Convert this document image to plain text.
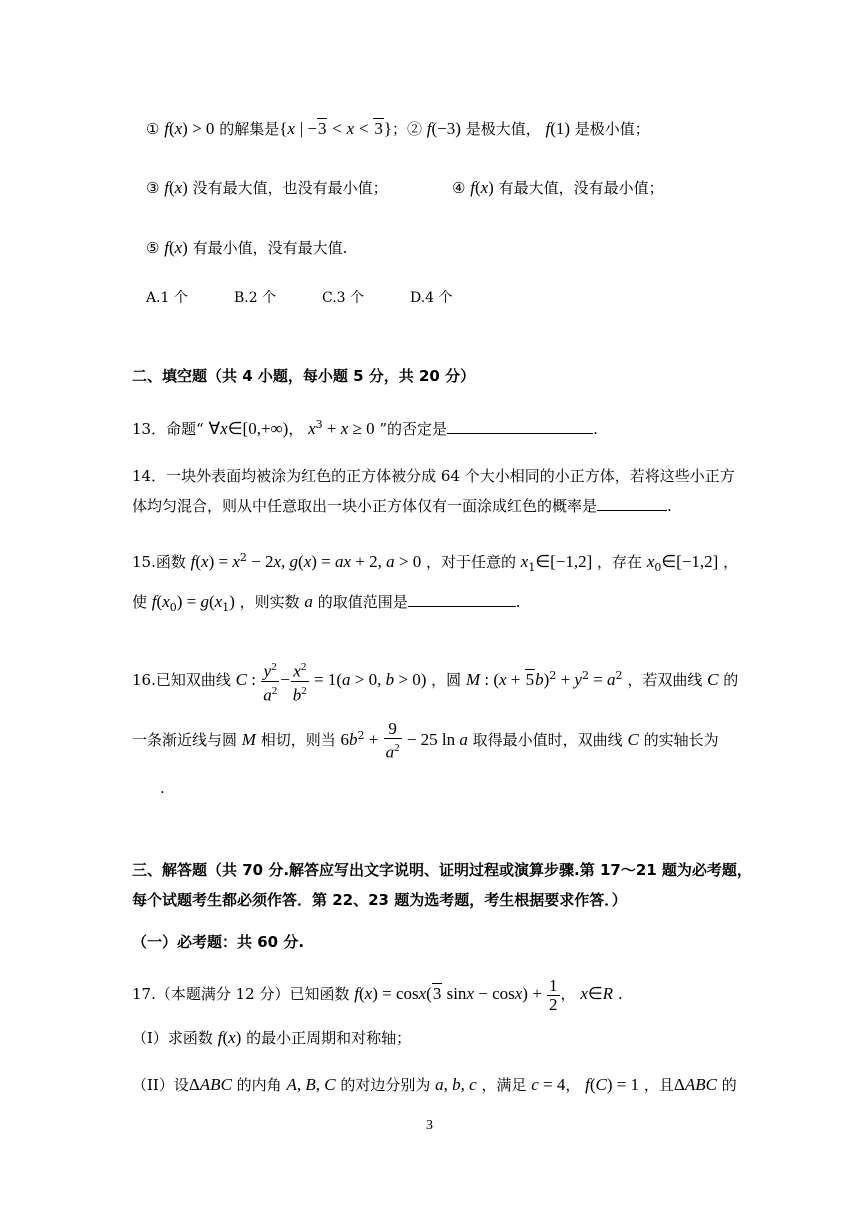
① f(x) > 0 的解集是{x | −3 < x < 3}；② f(−3) 是极大值， f(1) 是极小值；
③ f(x) 没有最大值，也没有最小值；	④ f(x) 有最大值，没有最小值；
⑤ f(x) 有最小值，没有最大值.
A.1 个	B.2 个	C.3 个	D.4 个
二、填空题（共 4 小题，每小题 5 分，共 20 分）
13．命题“ ∀x∈[0,+∞)， $x^3 + x \ge 0$ ”的否定是	.
14．一块外表面均被涂为红色的正方体被分成 64 个大小相同的小正方体，若将这些小正方
体均匀混合，则从中任意取出一块小正方体仅有一面涂成红色的概率是	.
15.函数 $f(x) = x^2 - 2x$, g(x) = ax + 2, a > 0 ，对于任意的 $x_1\in[-1,2]$ ，存在 $x_0\in[-1,2]$ ，
使 $f(x_0) = g(x_1)$ ，则实数 a 的取值范围是	.
16.已知双曲线 C : $\frac{y^2}{a^2} - \frac{x^2}{b^2} = 1(a > 0$, b > 0) ，圆 M : $(x + 5b)^2 + y^2 = a^2$ ，若双曲线 C 的
一条渐近线与圆 M 相切，则当 $6b^2 + \frac{9}{a^2} - 25$ ln a 取得最小值时，双曲线 C 的实轴长为
.
三、解答题（共 70 分.解答应写出文字说明、证明过程或演算步骤.第 17～21 题为必考题，
每个试题考生都必须作答．第 22、23 题为选考题，考生根据要求作答．）
（一）必考题：共 60 分.
17.（本题满分 12 分）已知函数 f(x) = cosx(3 $\sin x - \cos x) + \frac{1}{2}$ ， x∈R .
（I）求函数 f(x) 的最小正周期和对称轴；
（II）设ΔABC 的内角 A, B, C 的对边分别为 a, b, c ，满足 c = 4， f(C) = 1 ，且ΔABC 的
3
